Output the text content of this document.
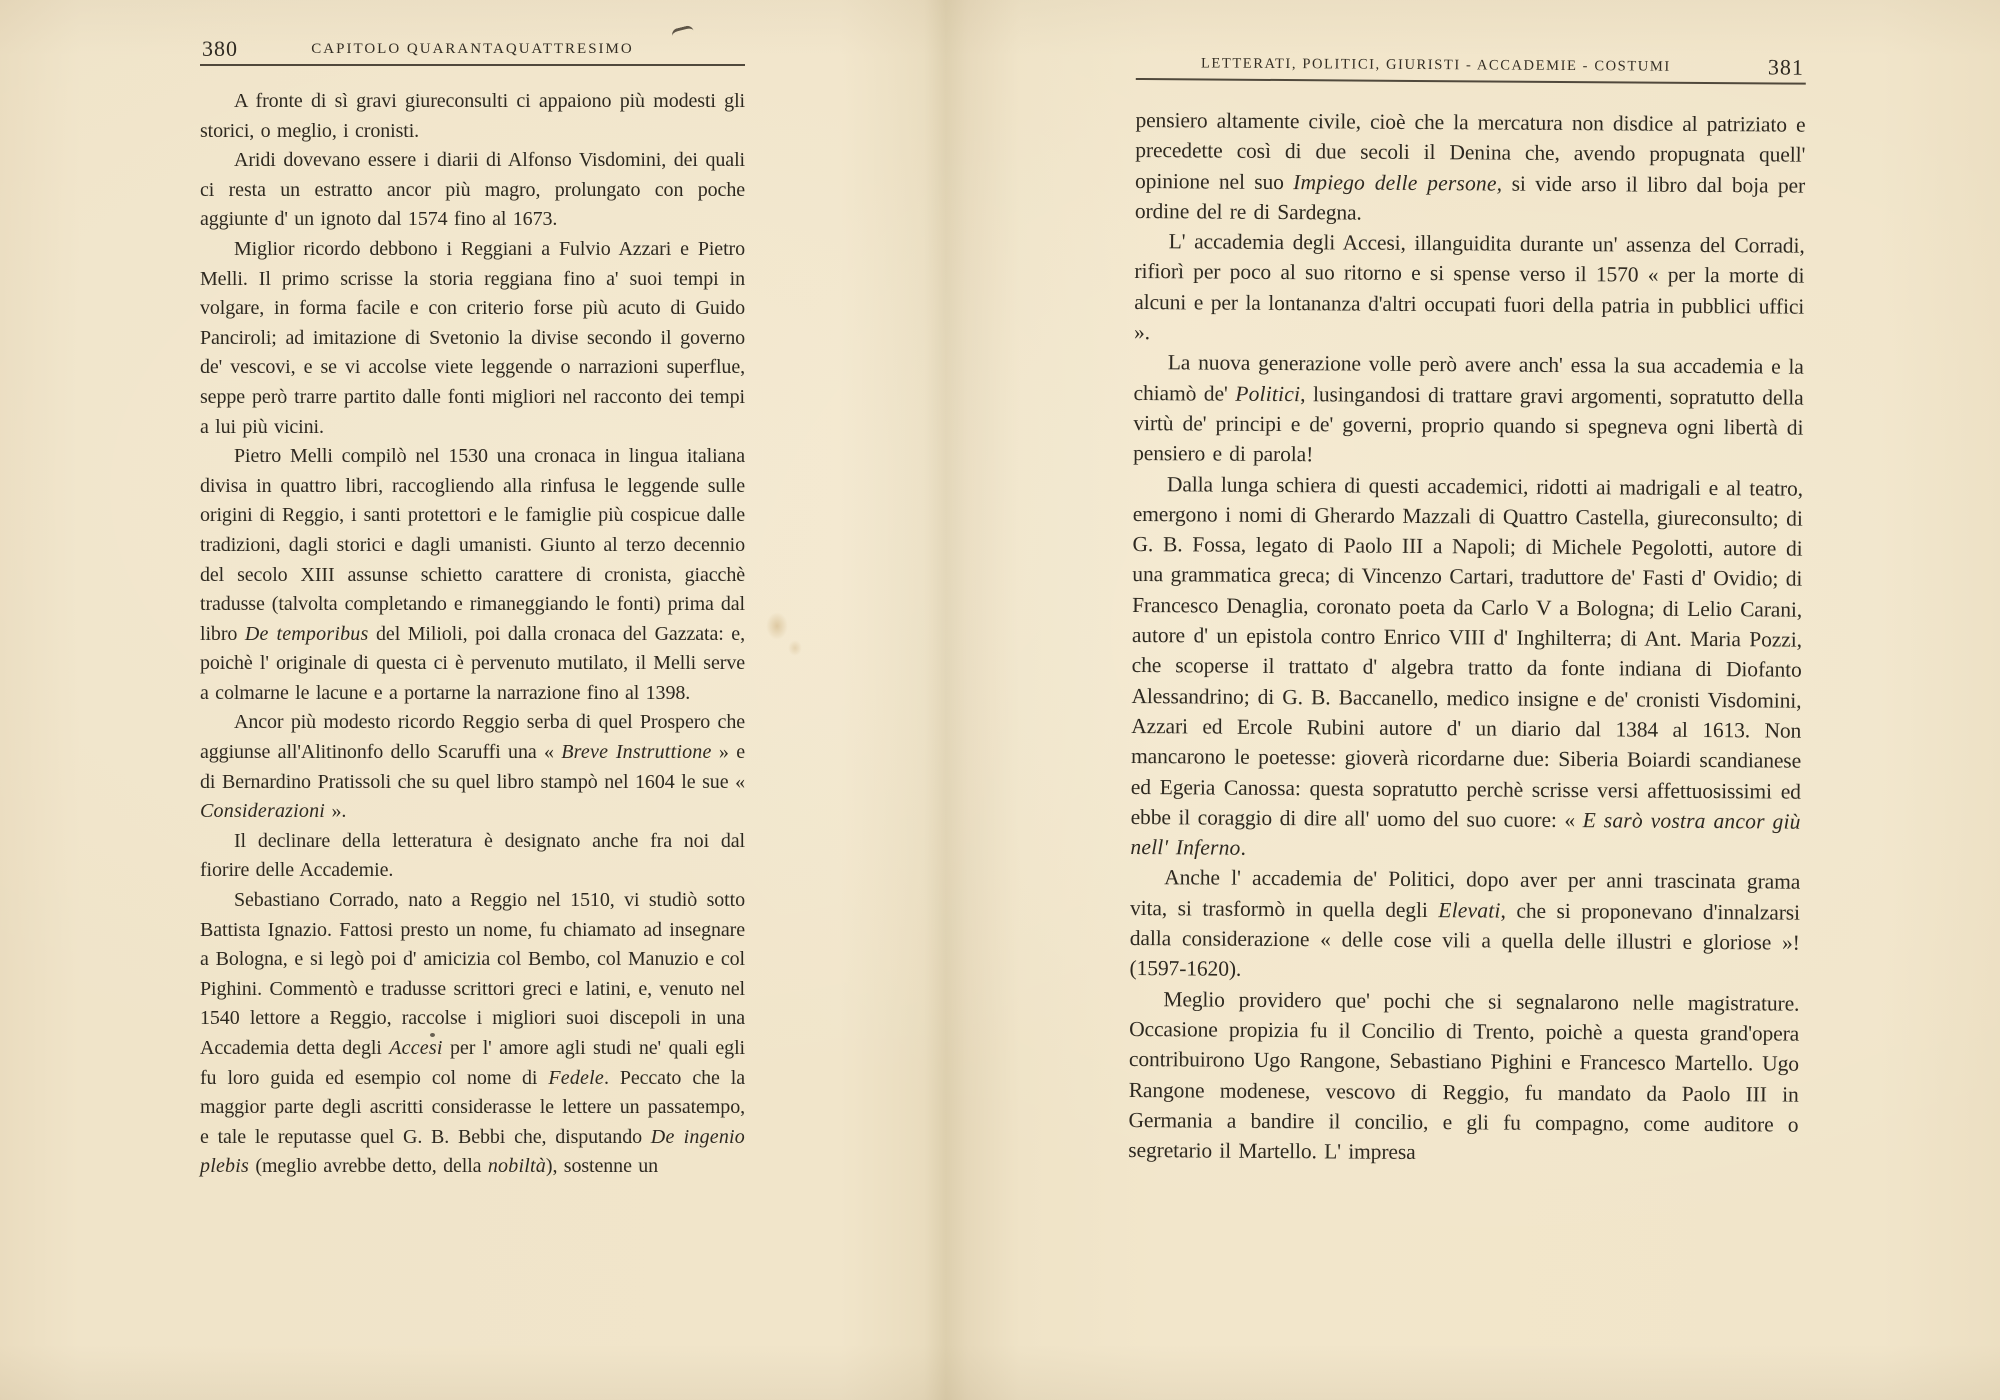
380	CAPITOLO QUARANTAQUATTRESIMO

A fronte di sì gravi giureconsulti ci appaiono più modesti gli storici, o meglio, i cronisti.

Aridi dovevano essere i diarii di Alfonso Visdomini, dei quali ci resta un estratto ancor più magro, prolungato con poche aggiunte d' un ignoto dal 1574 fino al 1673.

Miglior ricordo debbono i Reggiani a Fulvio Azzari e Pietro Melli. Il primo scrisse la storia reggiana fino a' suoi tempi in volgare, in forma facile e con criterio forse più acuto di Guido Panciroli; ad imitazione di Svetonio la divise secondo il governo de' vescovi, e se vi accolse viete leggende o narrazioni superflue, seppe però trarre partito dalle fonti migliori nel racconto dei tempi a lui più vicini.

Pietro Melli compilò nel 1530 una cronaca in lingua italiana divisa in quattro libri, raccogliendo alla rinfusa le leggende sulle origini di Reggio, i santi protettori e le famiglie più cospicue dalle tradizioni, dagli storici e dagli umanisti. Giunto al terzo decennio del secolo XIII assunse schietto carattere di cronista, giacchè tradusse (talvolta completando e rimaneggiando le fonti) prima dal libro De temporibus del Milioli, poi dalla cronaca del Gazzata: e, poichè l' originale di questa ci è pervenuto mutilato, il Melli serve a colmarne le lacune e a portarne la narrazione fino al 1398.

Ancor più modesto ricordo Reggio serba di quel Prospero che aggiunse all'Alitinonfo dello Scaruffi una « Breve Instruttione » e di Bernardino Pratissoli che su quel libro stampò nel 1604 le sue « Considerazioni ».

Il declinare della letteratura è designato anche fra noi dal fiorire delle Accademie.

Sebastiano Corrado, nato a Reggio nel 1510, vi studiò sotto Battista Ignazio. Fattosi presto un nome, fu chiamato ad insegnare a Bologna, e si legò poi d' amicizia col Bembo, col Manuzio e col Pighini. Commentò e tradusse scrittori greci e latini, e, venuto nel 1540 lettore a Reggio, raccolse i migliori suoi discepoli in una Accademia detta degli Accesi per l' amore agli studi ne' quali egli fu loro guida ed esempio col nome di Fedele. Peccato che la maggior parte degli ascritti considerasse le lettere un passatempo, e tale le reputasse quel G. B. Bebbi che, disputando De ingenio plebis (meglio avrebbe detto, della nobiltà), sostenne un

381
LETTERATI, POLITICI, GIURISTI - ACCADEMIE - COSTUMI

pensiero altamente civile, cioè che la mercatura non disdice al patriziato e precedette così di due secoli il Denina che, avendo propugnata quell' opinione nel suo Impiego delle persone, si vide arso il libro dal boja per ordine del re di Sardegna.

L' accademia degli Accesi, illanguidita durante un' assenza del Corradi, rifiorì per poco al suo ritorno e si spense verso il 1570 « per la morte di alcuni e per la lontananza d'altri occupati fuori della patria in pubblici uffici ».

La nuova generazione volle però avere anch' essa la sua accademia e la chiamò de' Politici, lusingandosi di trattare gravi argomenti, sopratutto della virtù de' principi e de' governi, proprio quando si spegneva ogni libertà di pensiero e di parola!

Dalla lunga schiera di questi accademici, ridotti ai madrigali e al teatro, emergono i nomi di Gherardo Mazzali di Quattro Castella, giureconsulto; di G. B. Fossa, legato di Paolo III a Napoli; di Michele Pegolotti, autore di una grammatica greca; di Vincenzo Cartari, traduttore de' Fasti d' Ovidio; di Francesco Denaglia, coronato poeta da Carlo V a Bologna; di Lelio Carani, autore d' un epistola contro Enrico VIII d' Inghilterra; di Ant. Maria Pozzi, che scoperse il trattato d' algebra tratto da fonte indiana di Diofanto Alessandrino; di G. B. Baccanello, medico insigne e de' cronisti Visdomini, Azzari ed Ercole Rubini autore d' un diario dal 1384 al 1613. Non mancarono le poetesse: gioverà ricordarne due: Siberia Boiardi scandianese ed Egeria Canossa: questa sopratutto perchè scrisse versi affettuosissimi ed ebbe il coraggio di dire all' uomo del suo cuore: « E sarò vostra ancor giù nell' Inferno.

Anche l' accademia de' Politici, dopo aver per anni trascinata grama vita, si trasformò in quella degli Elevati, che si proponevano d'innalzarsi dalla considerazione « delle cose vili a quella delle illustri e gloriose »! (1597-1620).

Meglio providero que' pochi che si segnalarono nelle magistrature. Occasione propizia fu il Concilio di Trento, poichè a questa grand'opera contribuirono Ugo Rangone, Sebastiano Pighini e Francesco Martello. Ugo Rangone modenese, vescovo di Reggio, fu mandato da Paolo III in Germania a bandire il concilio, e gli fu compagno, come auditore o segretario il Martello. L' impresa
